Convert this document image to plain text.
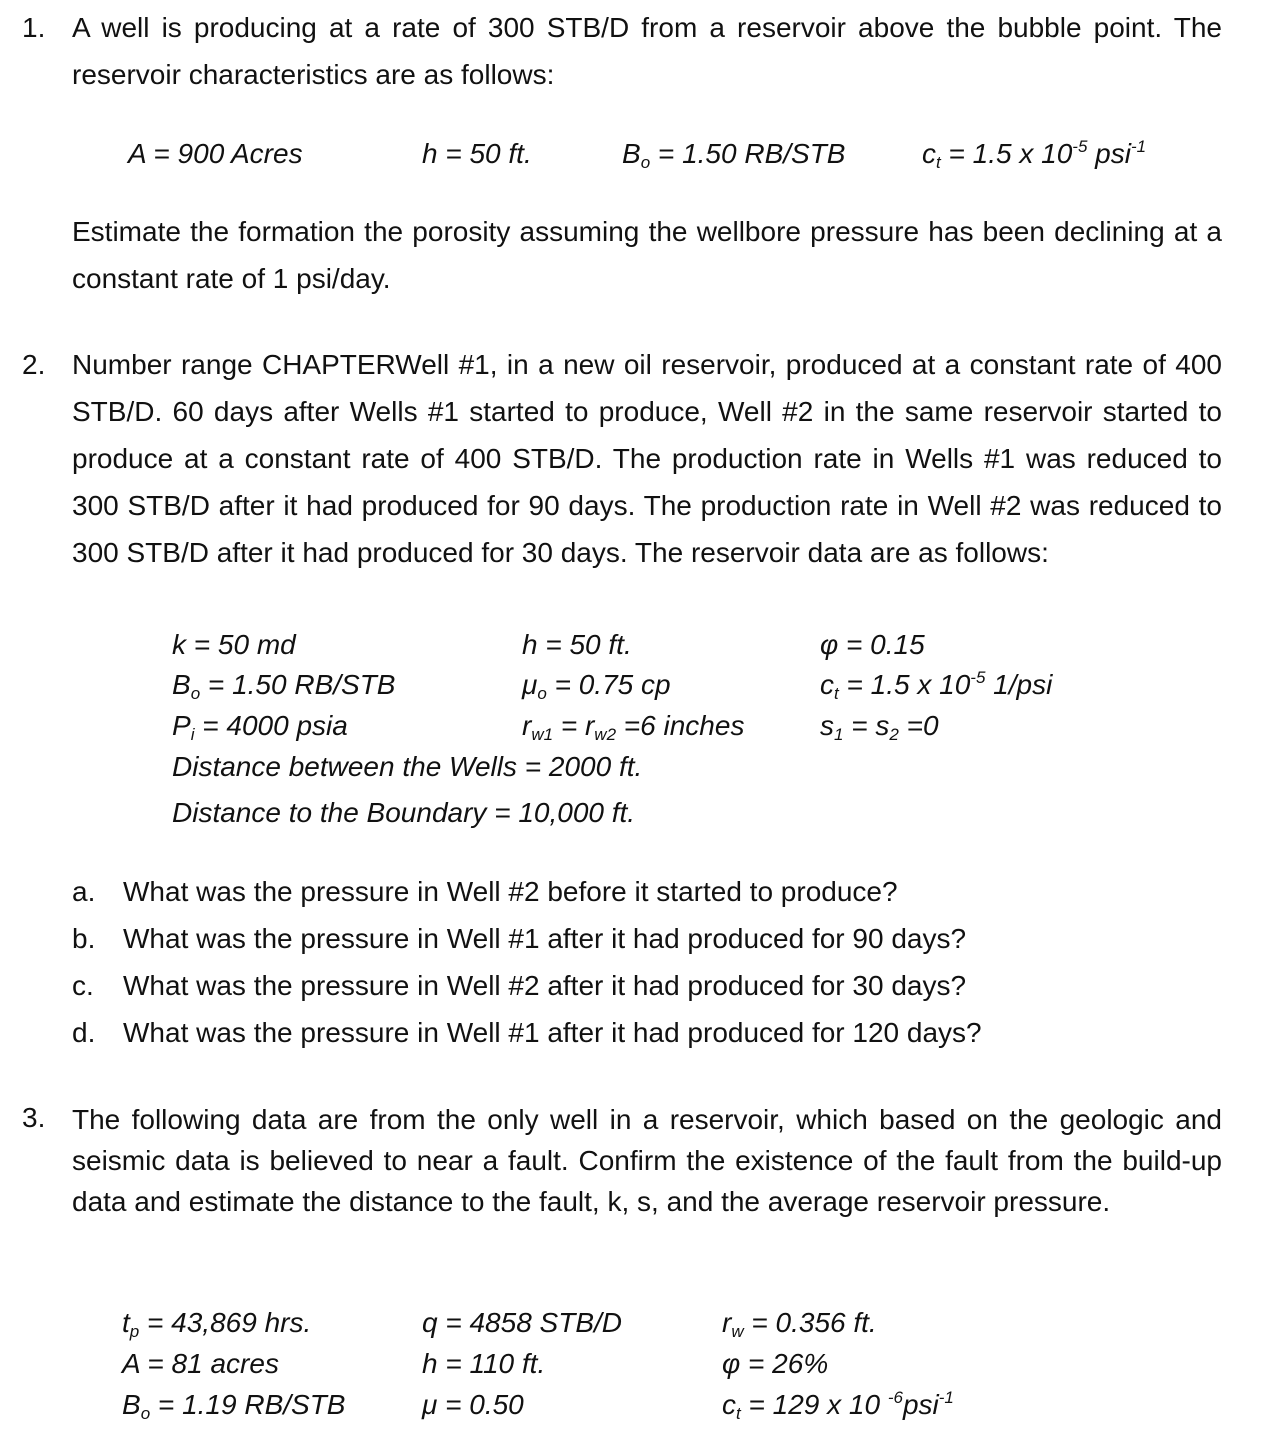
1. A well is producing at a rate of 300 STB/D from a reservoir above the bubble point. The reservoir characteristics are as follows:
A = 900 Acres	h = 50 ft.	$B_o = 1.50$ RB/STB	$c_t = 1.5$ x $10^{-5}$ psi$^{-1}$
Estimate the formation the porosity assuming the wellbore pressure has been declining at a constant rate of 1 psi/day.
2. Number range CHAPTERWell #1, in a new oil reservoir, produced at a constant rate of 400 STB/D. 60 days after Wells #1 started to produce, Well #2 in the same reservoir started to produce at a constant rate of 400 STB/D. The production rate in Wells #1 was reduced to 300 STB/D after it had produced for 90 days. The production rate in Well #2 was reduced to 300 STB/D after it had produced for 30 days. The reservoir data are as follows:
k = 50 md	h = 50 ft.	φ = 0.15
$B_o = 1.50$ RB/STB	$\mu_o = 0.75$ cp	$c_t = 1.5$ x $10^{-5}$ 1/psi
$P_i = 4000$ psia	$r_{w1} = r_{w2} =6$ inches	$s_1 = s_2 =0$
Distance between the Wells = 2000 ft.
Distance to the Boundary = 10,000 ft.
a. What was the pressure in Well #2 before it started to produce?
b. What was the pressure in Well #1 after it had produced for 90 days?
c. What was the pressure in Well #2 after it had produced for 30 days?
d. What was the pressure in Well #1 after it had produced for 120 days?
3. The following data are from the only well in a reservoir, which based on the geologic and seismic data is believed to near a fault. Confirm the existence of the fault from the build-up data and estimate the distance to the fault, k, s, and the average reservoir pressure.
$t_p = 43,869$ hrs.	q = 4858 STB/D	$r_w = 0.356$ ft.
A = 81 acres	h = 110 ft.	φ = 26%
$B_o = 1.19$ RB/STB	μ = 0.50	$c_t = 129$ x 10 $^{-6}$psi$^{-1}$
